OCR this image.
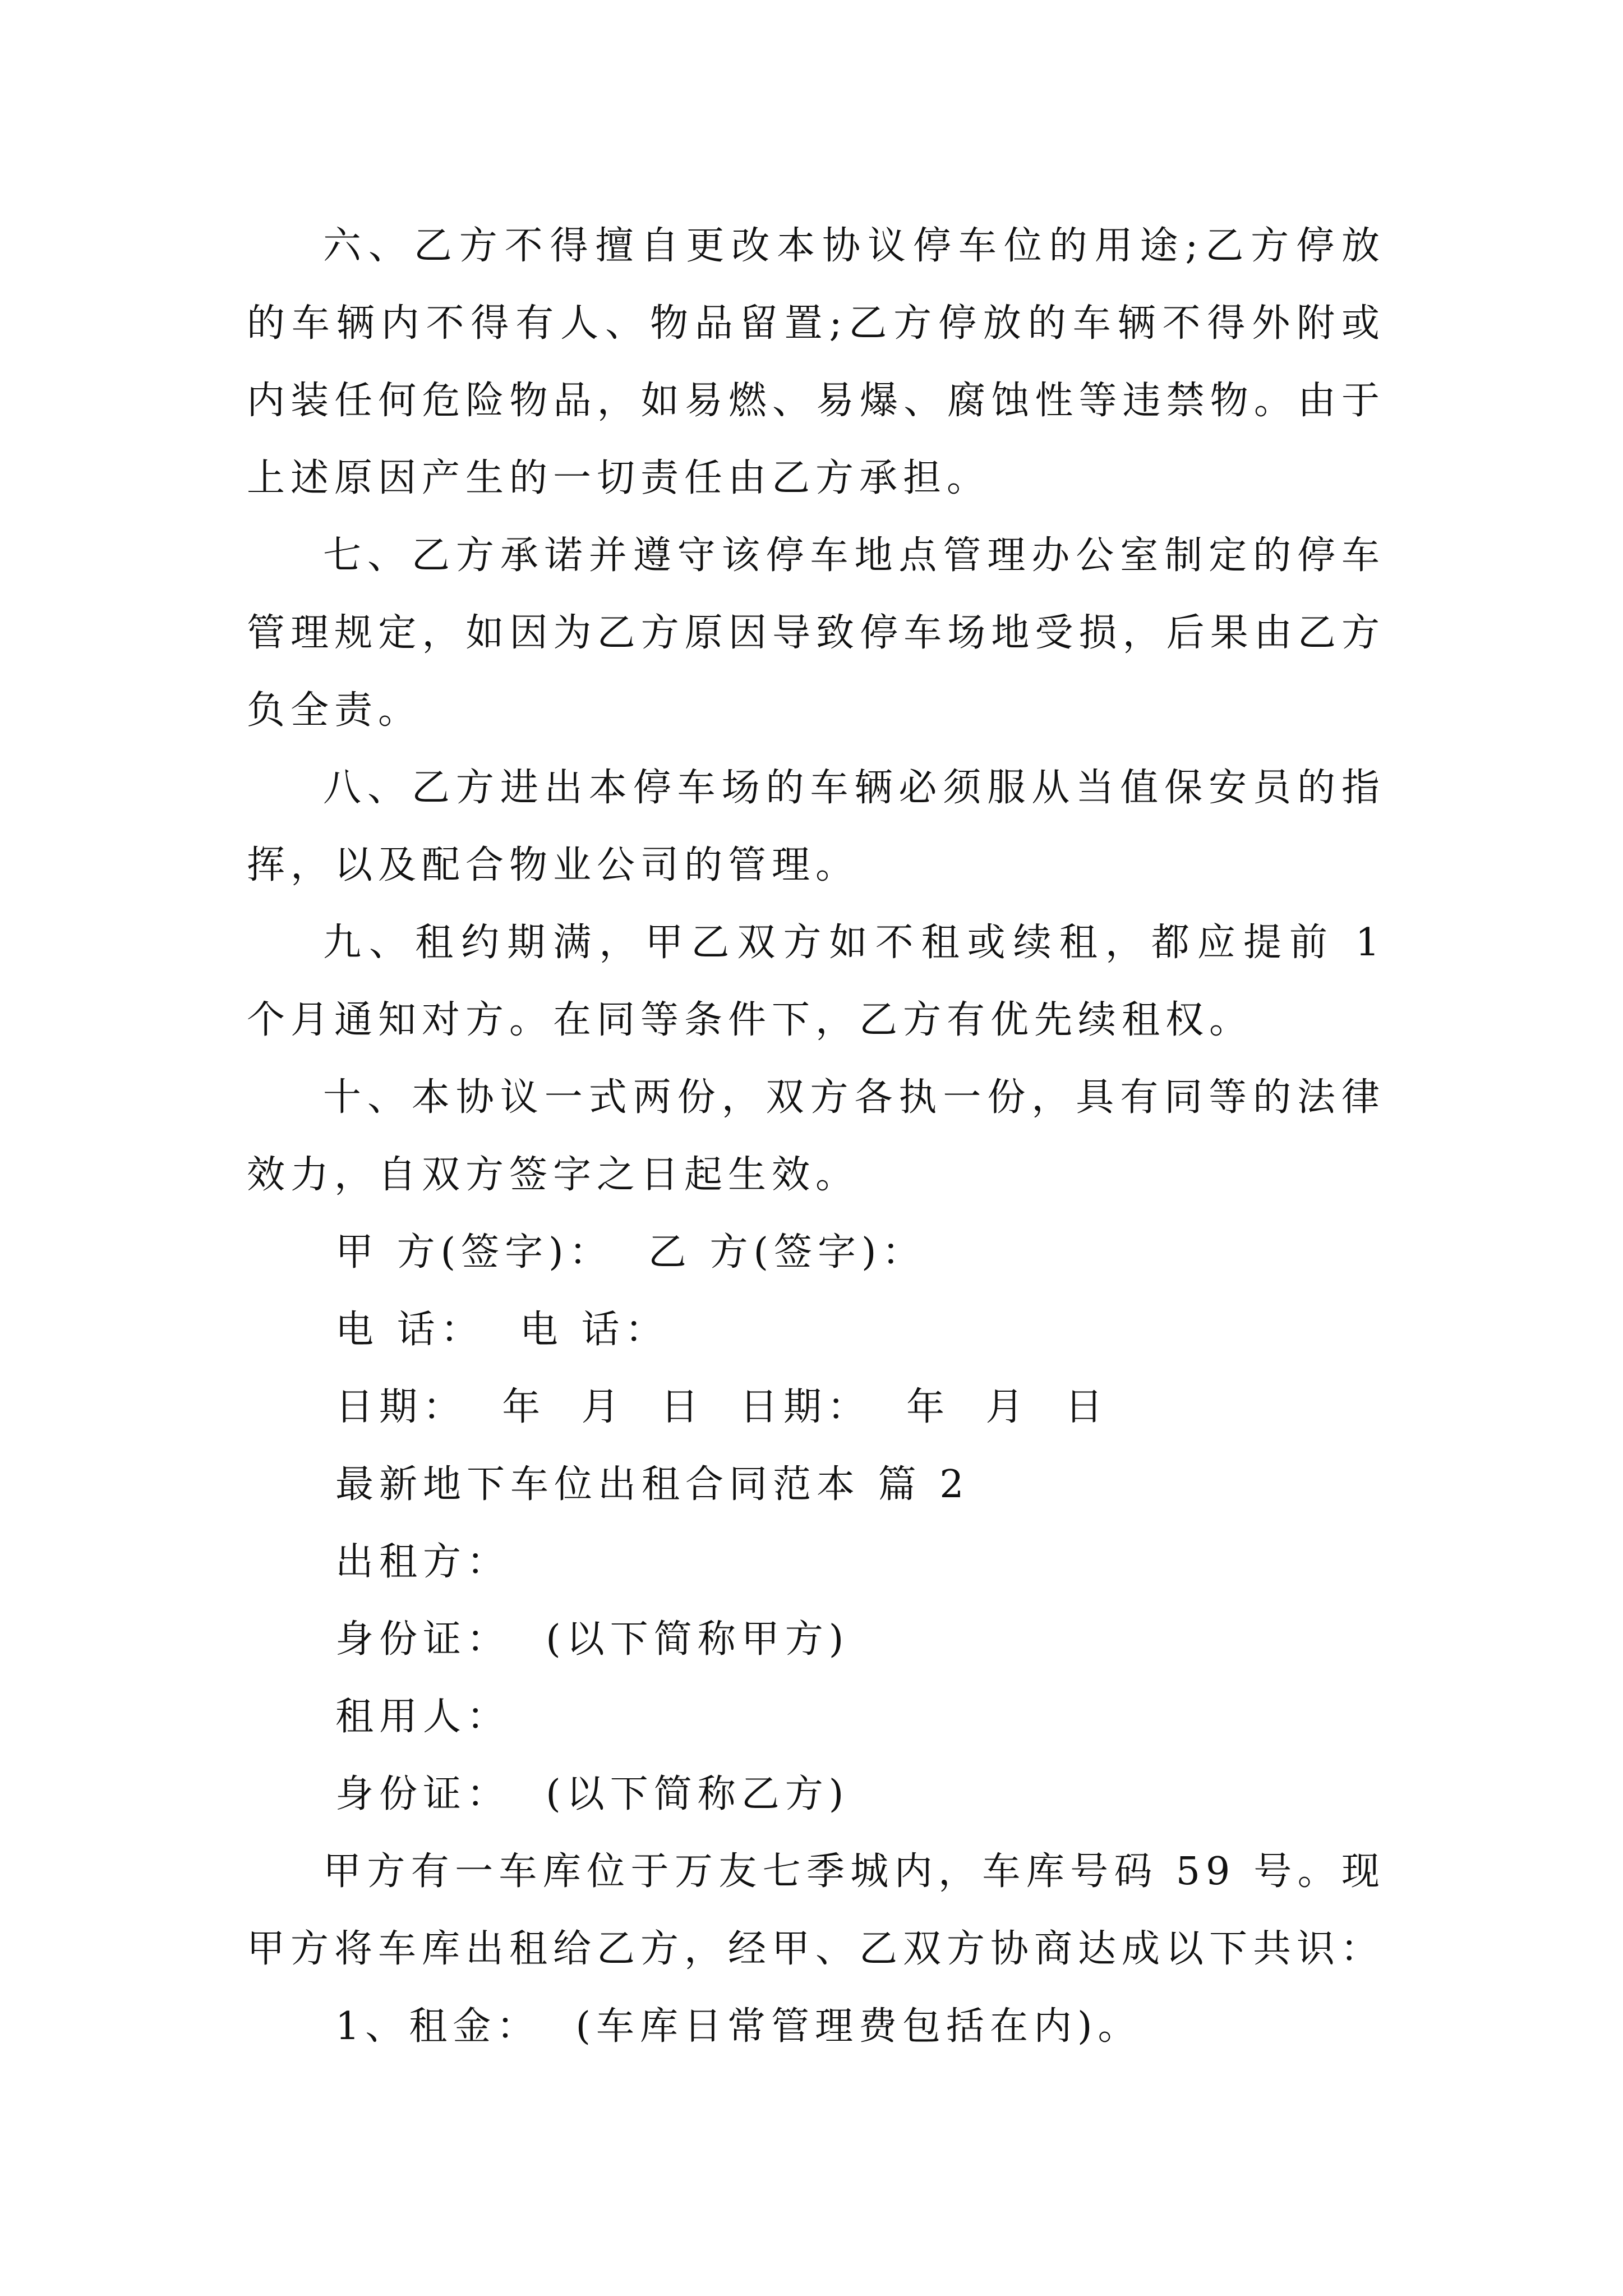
六、乙方不得擅自更改本协议停车位的用途;乙方停放的车辆内不得有人、物品留置;乙方停放的车辆不得外附或内装任何危险物品，如易燃、易爆、腐蚀性等违禁物。由于上述原因产生的一切责任由乙方承担。

七、乙方承诺并遵守该停车地点管理办公室制定的停车管理规定，如因为乙方原因导致停车场地受损，后果由乙方负全责。

八、乙方进出本停车场的车辆必须服从当值保安员的指挥，以及配合物业公司的管理。

九、租约期满，甲乙双方如不租或续租，都应提前 1 个月通知对方。在同等条件下，乙方有优先续租权。

十、本协议一式两份，双方各执一份，具有同等的法律效力，自双方签字之日起生效。

甲 方(签字)：  乙 方(签字)：
电 话：  电 话：
日期：  年  月  日  日期：  年  月  日
最新地下车位出租合同范本 篇 2
出租方：
身份证：  (以下简称甲方)
租用人：
身份证：  (以下简称乙方)

甲方有一车库位于万友七季城内，车库号码 59 号。现甲方将车库出租给乙方，经甲、乙双方协商达成以下共识：

1、租金：  (车库日常管理费包括在内)。
